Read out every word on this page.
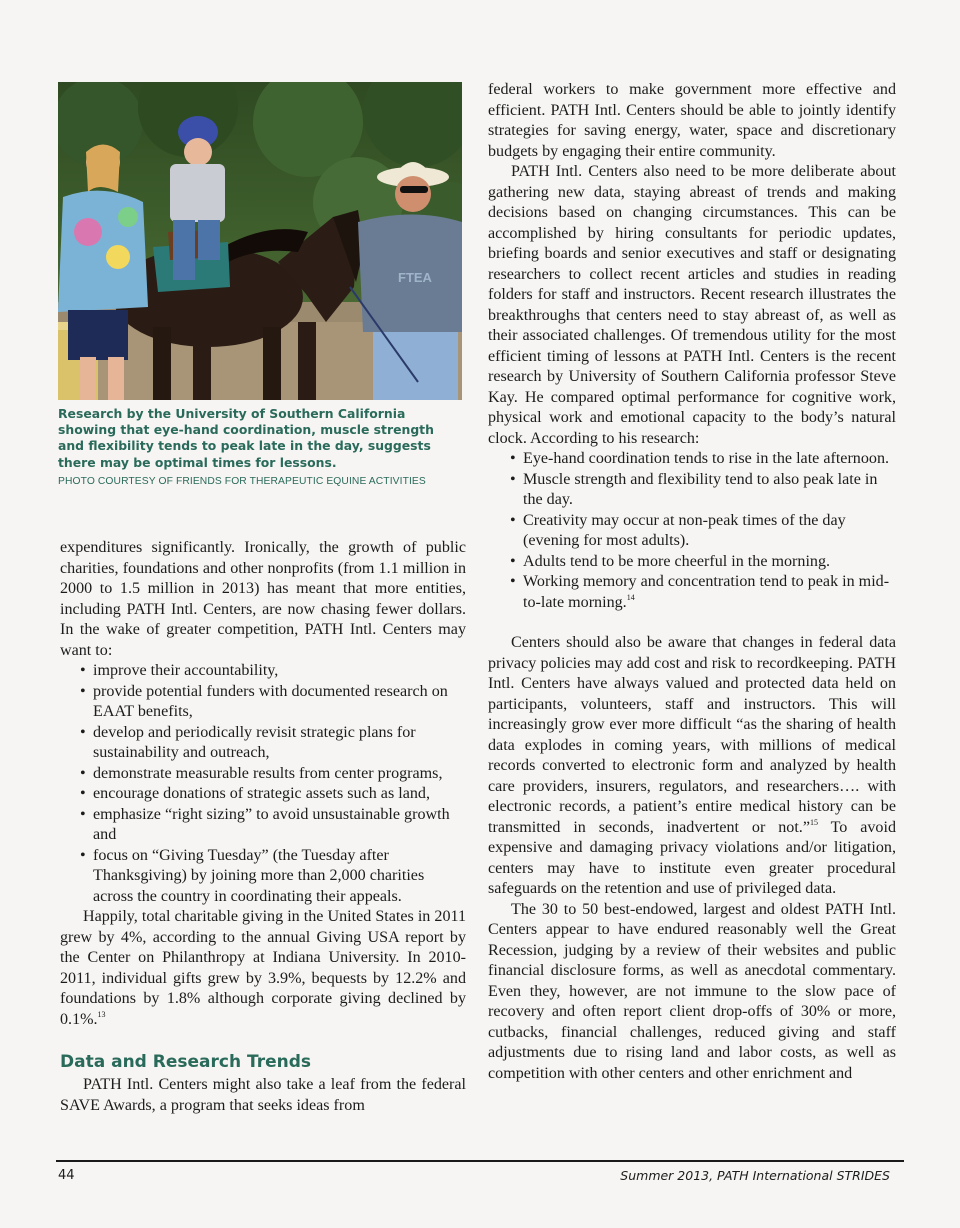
FTEA

Research by the University of Southern California showing that eye-hand coordination, muscle strength and flexibility tends to peak late in the day, suggests there may be optimal times for lessons.

PHOTO COURTESY OF FRIENDS FOR THERAPEUTIC EQUINE ACTIVITIES

expenditures significantly. Ironically, the growth of public charities, foundations and other nonprofits (from 1.1 million in 2000 to 1.5 million in 2013) has meant that more entities, including PATH Intl. Centers, are now chasing fewer dollars. In the wake of greater competition, PATH Intl. Centers may want to:

• improve their accountability,
• provide potential funders with documented research on EAAT benefits,
• develop and periodically revisit strategic plans for sustainability and outreach,
• demonstrate measurable results from center programs,
• encourage donations of strategic assets such as land,
• emphasize “right sizing” to avoid unsustainable growth and
• focus on “Giving Tuesday” (the Tuesday after Thanksgiving) by joining more than 2,000 charities across the country in coordinating their appeals.

Happily, total charitable giving in the United States in 2011 grew by 4%, according to the annual Giving USA report by the Center on Philanthropy at Indiana University. In 2010-2011, individual gifts grew by 3.9%, bequests by 12.2% and foundations by 1.8% although corporate giving declined by 0.1%.$^{13}$

Data and Research Trends

PATH Intl. Centers might also take a leaf from the federal SAVE Awards, a program that seeks ideas from

federal workers to make government more effective and efficient. PATH Intl. Centers should be able to jointly identify strategies for saving energy, water, space and discretionary budgets by engaging their entire community.

PATH Intl. Centers also need to be more deliberate about gathering new data, staying abreast of trends and making decisions based on changing circumstances. This can be accomplished by hiring consultants for periodic updates, briefing boards and senior executives and staff or designating researchers to collect recent articles and studies in reading folders for staff and instructors. Recent research illustrates the breakthroughs that centers need to stay abreast of, as well as their associated challenges. Of tremendous utility for the most efficient timing of lessons at PATH Intl. Centers is the recent research by University of Southern California professor Steve Kay. He compared optimal performance for cognitive work, physical work and emotional capacity to the body’s natural clock. According to his research:

• Eye-hand coordination tends to rise in the late afternoon.
• Muscle strength and flexibility tend to also peak late in the day.
• Creativity may occur at non-peak times of the day (evening for most adults).
• Adults tend to be more cheerful in the morning.
• Working memory and concentration tend to peak in mid-to-late morning.$^{14}$

Centers should also be aware that changes in federal data privacy policies may add cost and risk to recordkeeping. PATH Intl. Centers have always valued and protected data held on participants, volunteers, staff and instructors. This will increasingly grow ever more difficult “as the sharing of health data explodes in coming years, with millions of medical records converted to electronic form and analyzed by health care providers, insurers, regulators, and researchers…. with electronic records, a patient’s entire medical history can be transmitted in seconds, inadvertent or not.”$^{15}$ To avoid expensive and damaging privacy violations and/or litigation, centers may have to institute even greater procedural safeguards on the retention and use of privileged data.

The 30 to 50 best-endowed, largest and oldest PATH Intl. Centers appear to have endured reasonably well the Great Recession, judging by a review of their websites and public financial disclosure forms, as well as anecdotal commentary. Even they, however, are not immune to the slow pace of recovery and often report client drop-offs of 30% or more, cutbacks, financial challenges, reduced giving and staff adjustments due to rising land and labor costs, as well as competition with other centers and other enrichment and

44	Summer 2013, PATH International STRIDES
